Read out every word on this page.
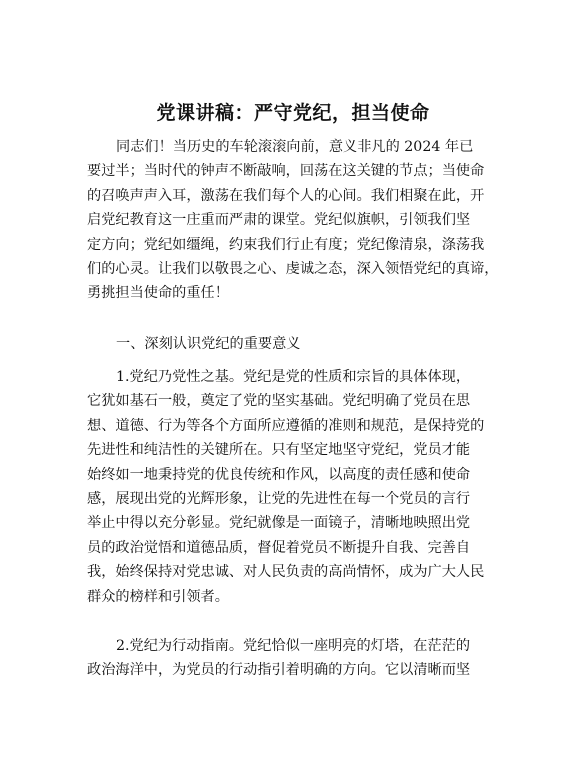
党课讲稿：严守党纪，担当使命
同志们！当历史的车轮滚滚向前，意义非凡的 2024 年已
要过半；当时代的钟声不断敲响，回荡在这关键的节点；当使命
的召唤声声入耳，激荡在我们每个人的心间。我们相聚在此，开
启党纪教育这一庄重而严肃的课堂。党纪似旗帜，引领我们坚
定方向；党纪如缰绳，约束我们行止有度；党纪像清泉，涤荡我
们的心灵。让我们以敬畏之心、虔诚之态，深入领悟党纪的真谛，
勇挑担当使命的重任！
一、深刻认识党纪的重要意义
1.党纪乃党性之基。党纪是党的性质和宗旨的具体体现，
它犹如基石一般，奠定了党的坚实基础。党纪明确了党员在思
想、道德、行为等各个方面所应遵循的准则和规范，是保持党的
先进性和纯洁性的关键所在。只有坚定地坚守党纪，党员才能
始终如一地秉持党的优良传统和作风，以高度的责任感和使命
感，展现出党的光辉形象，让党的先进性在每一个党员的言行
举止中得以充分彰显。党纪就像是一面镜子，清晰地映照出党
员的政治觉悟和道德品质，督促着党员不断提升自我、完善自
我，始终保持对党忠诚、对人民负责的高尚情怀，成为广大人民
群众的榜样和引领者。
2.党纪为行动指南。党纪恰似一座明亮的灯塔，在茫茫的
政治海洋中，为党员的行动指引着明确的方向。它以清晰而坚
